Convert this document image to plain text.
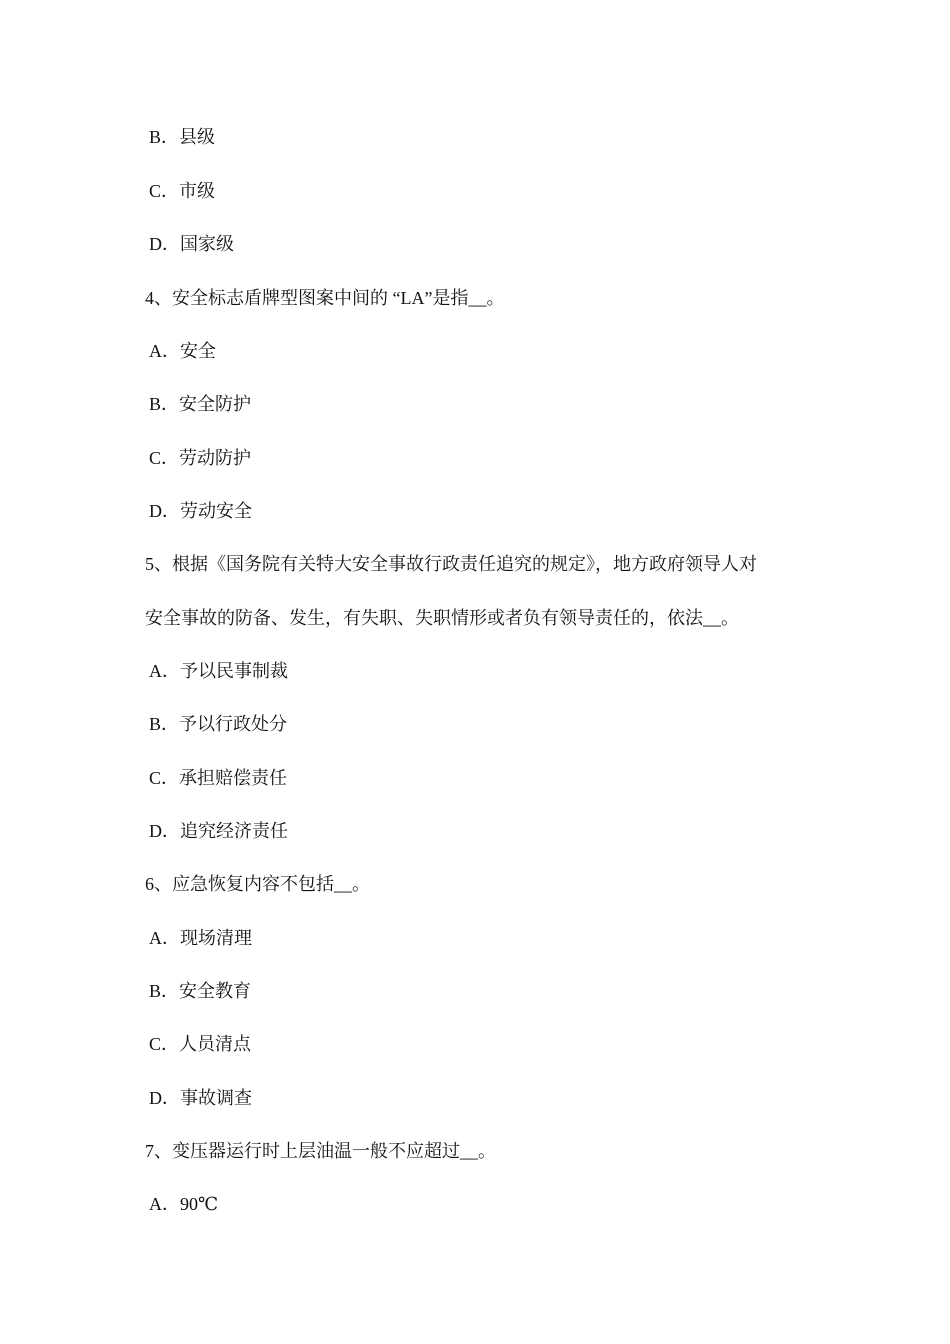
B．县级
C．市级
D．国家级
4、安全标志盾牌型图案中间的 “LA”是指__。
A．安全
B．安全防护
C．劳动防护
D．劳动安全
5、根据《国务院有关特大安全事故行政责任追究的规定》，地方政府领导人对
安全事故的防备、发生，有失职、失职情形或者负有领导责任的，依法__。
A．予以民事制裁
B．予以行政处分
C．承担赔偿责任
D．追究经济责任
6、应急恢复内容不包括__。
A．现场清理
B．安全教育
C．人员清点
D．事故调查
7、变压器运行时上层油温一般不应超过__。
A．90℃
